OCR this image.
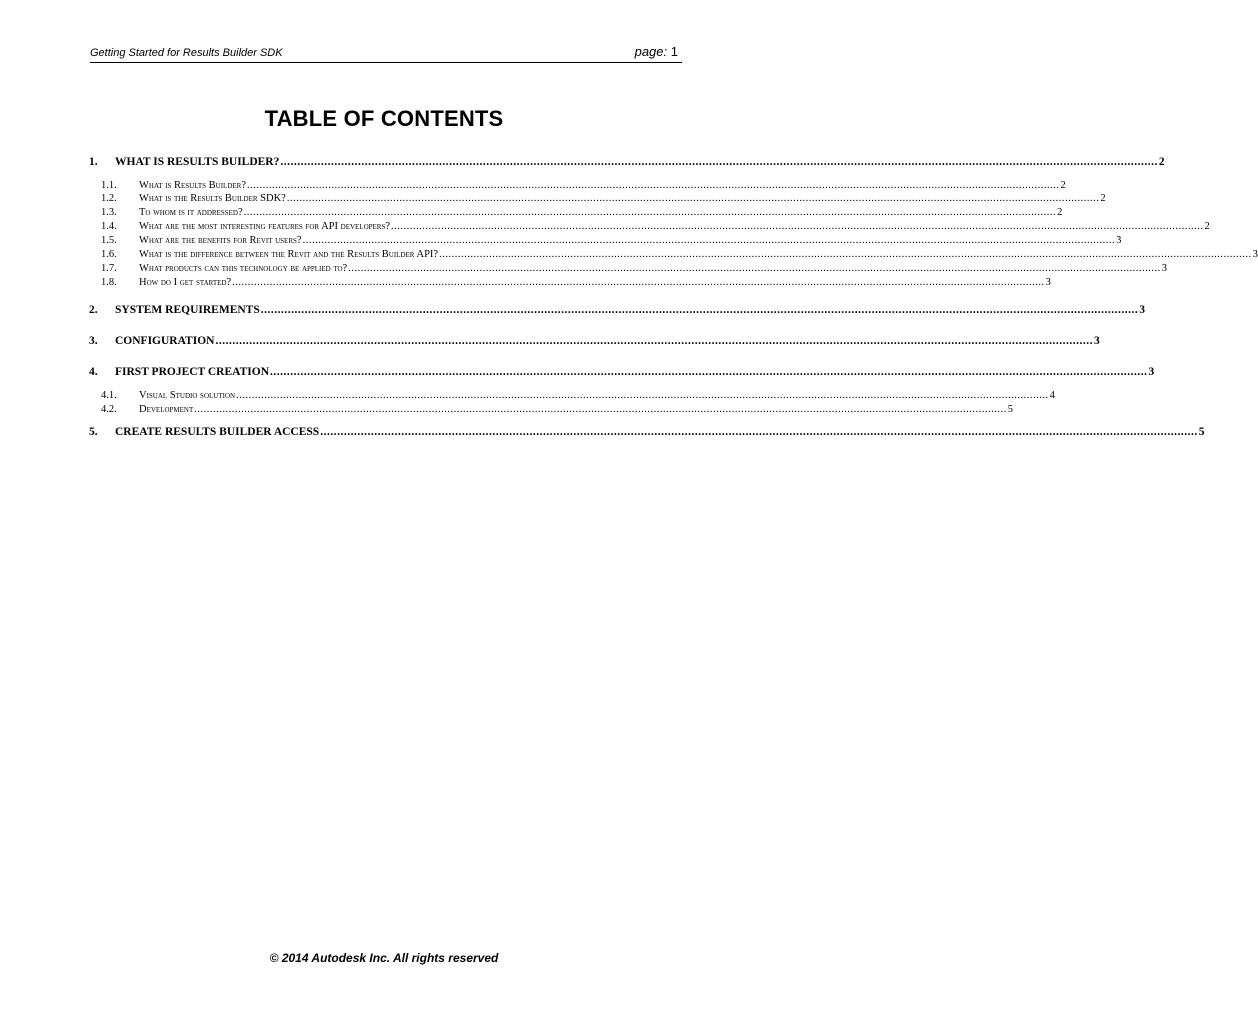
Getting Started for Results Builder SDK	page: 1
TABLE OF CONTENTS
1.	WHAT IS RESULTS BUILDER? .................................................................................................................................................................................................................................................................... 2
1.1.	What is Results Builder? .................................................................................................................................................................................................................................................................... 2
1.2.	What is the Results Builder SDK? .................................................................................................................................................................................................................................................................... 2
1.3.	To whom is it addressed? .................................................................................................................................................................................................................................................................... 2
1.4.	What are the most interesting features for API developers? .................................................................................................................................................................................................................................................................... 2
1.5.	What are the benefits for Revit users? .................................................................................................................................................................................................................................................................... 3
1.6.	What is the difference between the Revit and the Results Builder API? .................................................................................................................................................................................................................................................................... 3
1.7.	What products can this technology be applied to? .................................................................................................................................................................................................................................................................... 3
1.8.	How do I get started? .................................................................................................................................................................................................................................................................... 3
2.	SYSTEM REQUIREMENTS .................................................................................................................................................................................................................................................................... 3
3.	CONFIGURATION .................................................................................................................................................................................................................................................................... 3
4.	FIRST PROJECT CREATION .................................................................................................................................................................................................................................................................... 3
4.1.	Visual Studio solution .................................................................................................................................................................................................................................................................... 4
4.2.	Development .................................................................................................................................................................................................................................................................... 5
5.	CREATE RESULTS BUILDER ACCESS .................................................................................................................................................................................................................................................................... 5
© 2014 Autodesk Inc. All rights reserved
